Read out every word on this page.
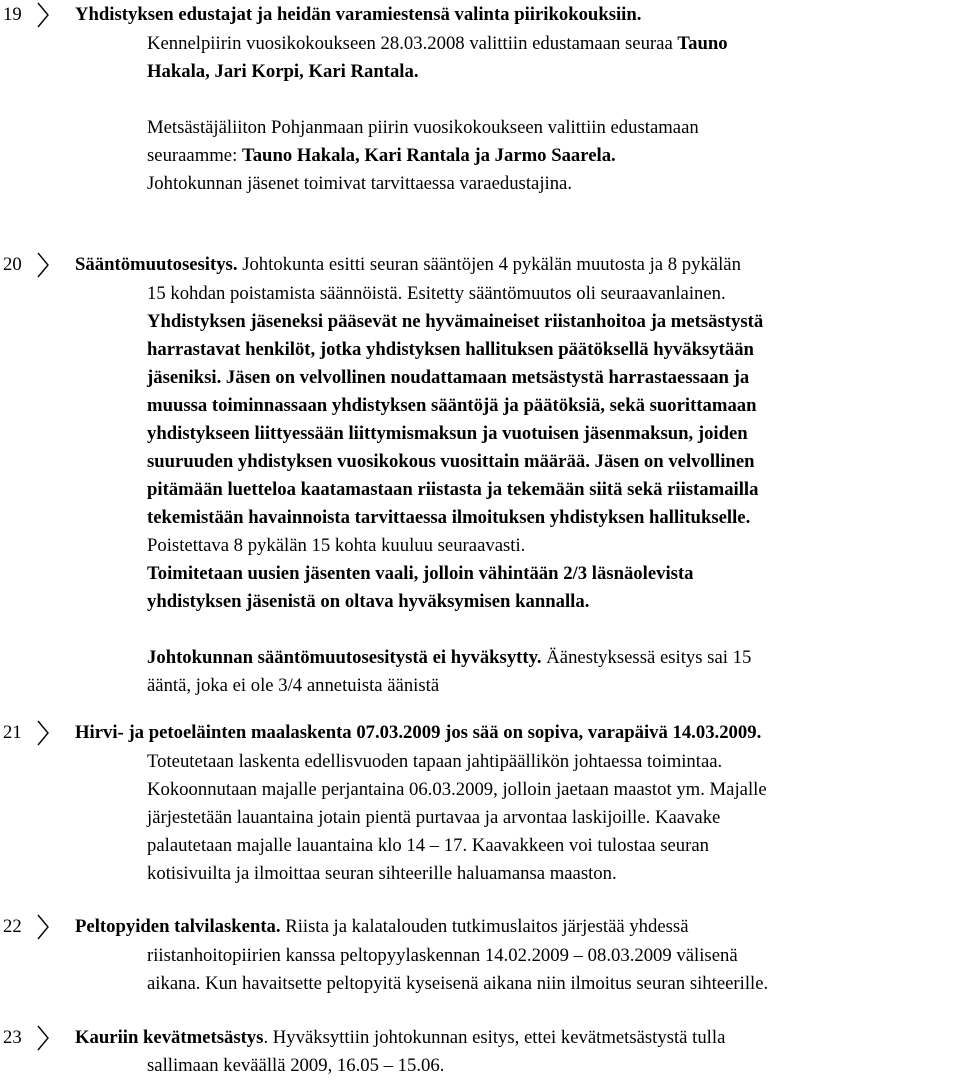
19	Yhdistyksen edustajat ja heidän varamiestensä valinta piirikokouksiin.

Kennelpiirin vuosikokoukseen 28.03.2008 valittiin edustamaan seuraa Tauno

Hakala, Jari Korpi, Kari Rantala.

Metsästäjäliiton Pohjanmaan piirin vuosikokoukseen valittiin edustamaan

seuraamme: Tauno Hakala, Kari Rantala ja Jarmo Saarela.

Johtokunnan jäsenet toimivat tarvittaessa varaedustajina.

20	Sääntömuutosesitys. Johtokunta esitti seuran sääntöjen 4 pykälän muutosta ja 8 pykälän

15 kohdan poistamista säännöistä. Esitetty sääntömuutos oli seuraavanlainen.

Yhdistyksen jäseneksi pääsevät ne hyvämaineiset riistanhoitoa ja metsästystä

harrastavat henkilöt, jotka yhdistyksen hallituksen päätöksellä hyväksytään

jäseniksi. Jäsen on velvollinen noudattamaan metsästystä harrastaessaan ja

muussa toiminnassaan yhdistyksen sääntöjä ja päätöksiä, sekä suorittamaan

yhdistykseen liittyessään liittymismaksun ja vuotuisen jäsenmaksun, joiden

suuruuden yhdistyksen vuosikokous vuosittain määrää. Jäsen on velvollinen

pitämään luetteloa kaatamastaan riistasta ja tekemään siitä sekä riistamailla

tekemistään havainnoista tarvittaessa ilmoituksen yhdistyksen hallitukselle.

Poistettava 8 pykälän 15 kohta kuuluu seuraavasti.

Toimitetaan uusien jäsenten vaali, jolloin vähintään 2/3 läsnäolevista

yhdistyksen jäsenistä on oltava hyväksymisen kannalla.

Johtokunnan sääntömuutosesitystä ei hyväksytty. Äänestyksessä esitys sai 15

ääntä, joka ei ole 3/4 annetuista äänistä

21	Hirvi- ja petoeläinten maalaskenta 07.03.2009 jos sää on sopiva, varapäivä 14.03.2009.

Toteutetaan laskenta edellisvuoden tapaan jahtipäällikön johtaessa toimintaa.

Kokoonnutaan majalle perjantaina 06.03.2009, jolloin jaetaan maastot ym. Majalle

järjestetään lauantaina jotain pientä purtavaa ja arvontaa laskijoille. Kaavake

palautetaan majalle lauantaina klo 14 – 17. Kaavakkeen voi tulostaa seuran

kotisivuilta ja ilmoittaa seuran sihteerille haluamansa maaston.

22	Peltopyiden talvilaskenta. Riista ja kalatalouden tutkimuslaitos järjestää yhdessä

riistanhoitopiirien kanssa peltopyylaskennan 14.02.2009 – 08.03.2009 välisenä

aikana. Kun havaitsette peltopyitä kyseisenä aikana niin ilmoitus seuran sihteerille.

23	Kauriin kevätmetsästys. Hyväksyttiin johtokunnan esitys, ettei kevätmetsästystä tulla

sallimaan keväällä 2009, 16.05 – 15.06.
